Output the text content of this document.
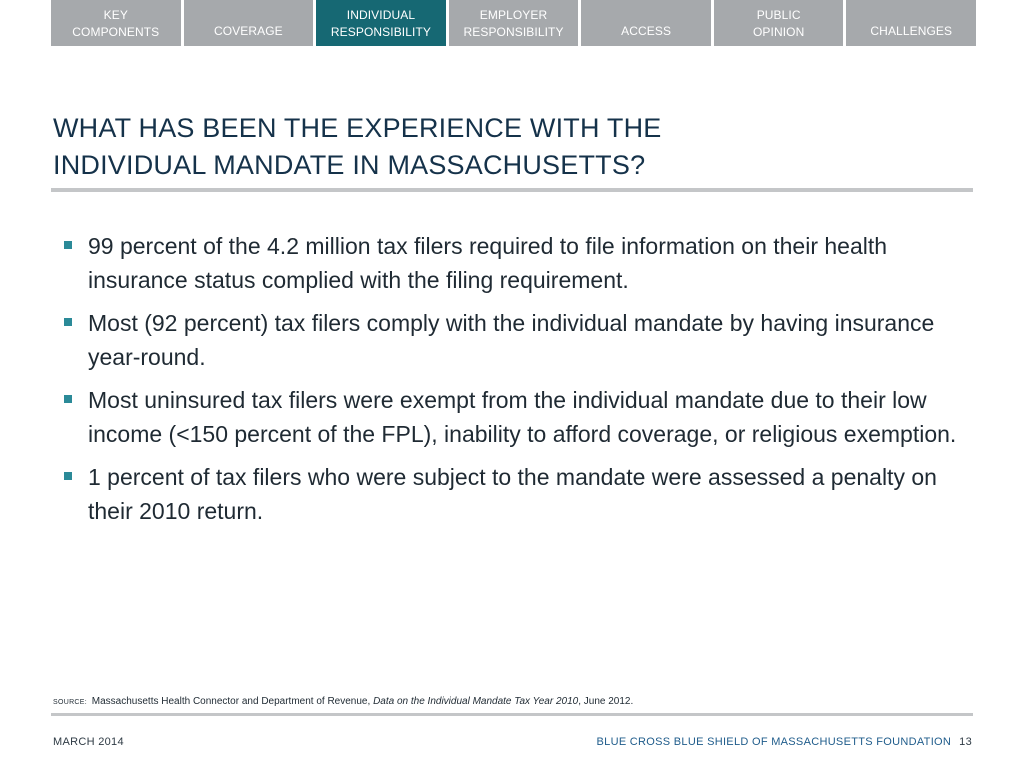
KEY
COMPONENTS	COVERAGE
INDIVIDUAL
RESPONSIBILITY
EMPLOYER
RESPONSIBILITY	ACCESS
PUBLIC
OPINION	CHALLENGES
WHAT HAS BEEN THE EXPERIENCE WITH THE
INDIVIDUAL MANDATE IN MASSACHUSETTS?
99 percent of the 4.2 million tax filers required to file information on their health insurance status complied with the filing requirement.
Most (92 percent) tax filers comply with the individual mandate by having insurance year-round.
Most uninsured tax filers were exempt from the individual mandate due to their low income (<150 percent of the FPL), inability to afford coverage, or religious exemption.
1 percent of tax filers who were subject to the mandate were assessed a penalty on their 2010 return.
SOURCE: Massachusetts Health Connector and Department of Revenue, Data on the Individual Mandate Tax Year 2010, June 2012.
MARCH 2014	BLUE CROSS BLUE SHIELD OF MASSACHUSETTS FOUNDATION 13
